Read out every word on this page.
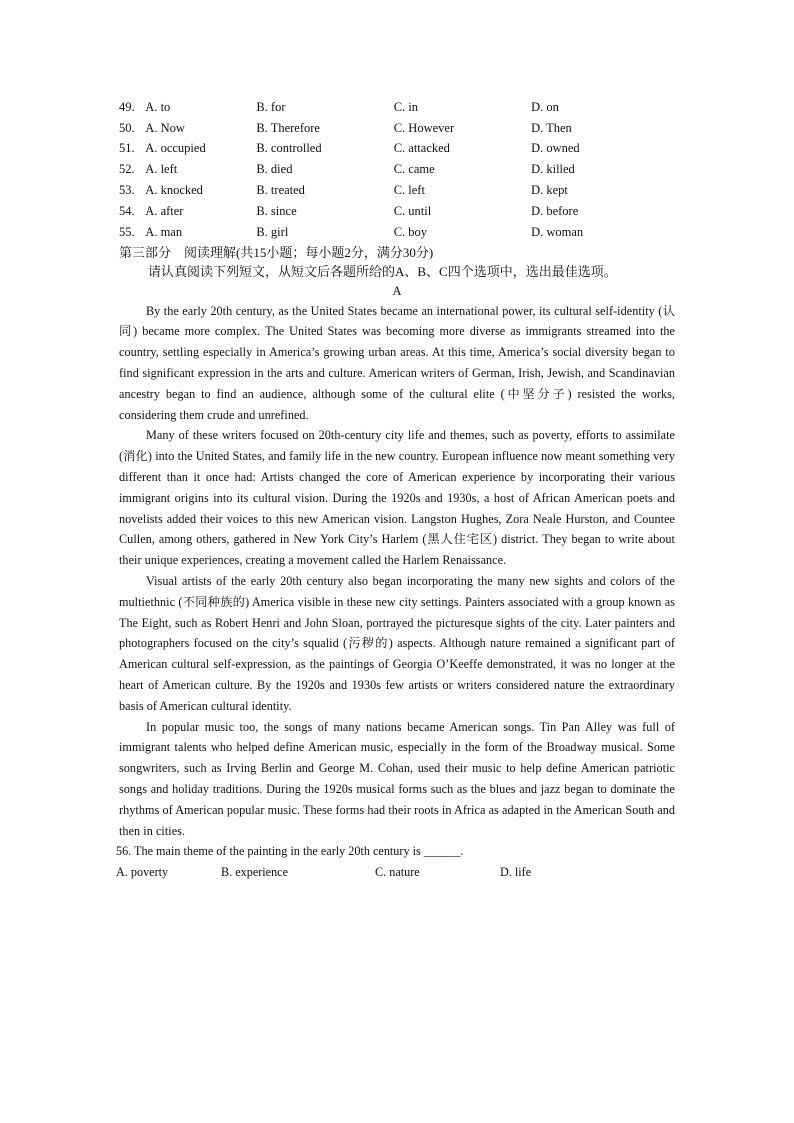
49. A. to	B. for	C. in	D. on
50. A. Now	B. Therefore	C. However	D. Then
51. A. occupied	B. controlled	C. attacked	D. owned
52. A. left	B. died	C. came	D. killed
53. A. knocked	B. treated	C. left	D. kept
54. A. after	B. since	C. until	D. before
55. A. man	B. girl	C. boy	D. woman
第三部分　阅读理解(共15小题；每小题2分，满分30分)
请认真阅读下列短文，从短文后各题所给的A、B、C四个选项中，选出最佳选项。
A

By the early 20th century, as the United States became an international power, its cultural self-identity (认同) became more complex. The United States was becoming more diverse as immigrants streamed into the country, settling especially in America’s growing urban areas. At this time, America’s social diversity began to find significant expression in the arts and culture. American writers of German, Irish, Jewish, and Scandinavian ancestry began to find an audience, although some of the cultural elite (中坚分子) resisted the works, considering them crude and unrefined.

Many of these writers focused on 20th-century city life and themes, such as poverty, efforts to assimilate (消化) into the United States, and family life in the new country. European influence now meant something very different than it once had: Artists changed the core of American experience by incorporating their various immigrant origins into its cultural vision. During the 1920s and 1930s, a host of African American poets and novelists added their voices to this new American vision. Langston Hughes, Zora Neale Hurston, and Countee Cullen, among others, gathered in New York City’s Harlem (黑人住宅区) district. They began to write about their unique experiences, creating a movement called the Harlem Renaissance.

Visual artists of the early 20th century also began incorporating the many new sights and colors of the multiethnic (不同种族的) America visible in these new city settings. Painters associated with a group known as The Eight, such as Robert Henri and John Sloan, portrayed the picturesque sights of the city. Later painters and photographers focused on the city’s squalid (污秽的) aspects. Although nature remained a significant part of American cultural self-expression, as the paintings of Georgia O’Keeffe demonstrated, it was no longer at the heart of American culture. By the 1920s and 1930s few artists or writers considered nature the extraordinary basis of American cultural identity.

In popular music too, the songs of many nations became American songs. Tin Pan Alley was full of immigrant talents who helped define American music, especially in the form of the Broadway musical. Some songwriters, such as Irving Berlin and George M. Cohan, used their music to help define American patriotic songs and holiday traditions. During the 1920s musical forms such as the blues and jazz began to dominate the rhythms of American popular music. These forms had their roots in Africa as adapted in the American South and then in cities.

56. The main theme of the painting in the early 20th century is ______.
A. poverty	B. experience	C. nature	D. life
